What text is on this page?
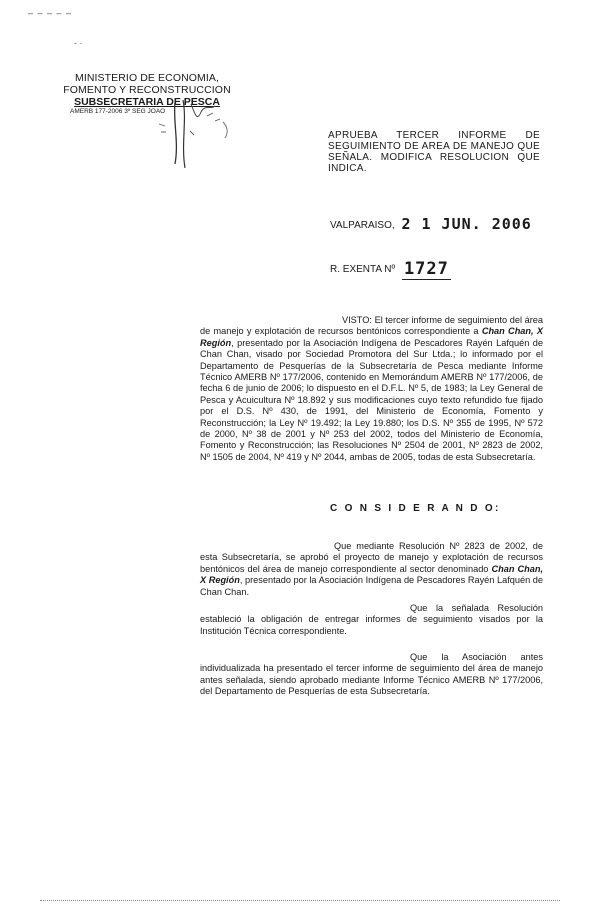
‒ ‒ ‒ ‒ ‒
‐ ·
MINISTERIO DE ECONOMIA,
FOMENTO Y RECONSTRUCCION
SUBSECRETARIA DE PESCA
AMERB 177-2006 3º SEG JOAO
APRUEBA TERCER INFORME DE SEGUIMIENTO DE AREA DE MANEJO QUE SEÑALA. MODIFICA RESOLUCION QUE INDICA.
VALPARAISO, 2 1 JUN. 2006
R. EXENTA Nº 1727
VISTO: El tercer informe de seguimiento del área de manejo y explotación de recursos bentónicos correspondiente a Chan Chan, X Región, presentado por la Asociación Indígena de Pescadores Rayén Lafquén de Chan Chan, visado por Sociedad Promotora del Sur Ltda.; lo informado por el Departamento de Pesquerías de la Subsecretaría de Pesca mediante Informe Técnico AMERB Nº 177/2006, contenido en Memorándum AMERB Nº 177/2006, de fecha 6 de junio de 2006; lo dispuesto en el D.F.L. Nº 5, de 1983; la Ley General de Pesca y Acuicultura Nº 18.892 y sus modificaciones cuyo texto refundido fue fijado por el D.S. Nº 430, de 1991, del Ministerio de Economía, Fomento y Reconstrucción; la Ley Nº 19.492; la Ley 19.880; los D.S. Nº 355 de 1995, Nº 572 de 2000, Nº 38 de 2001 y Nº 253 del 2002, todos del Ministerio de Economía, Fomento y Reconstrucción; las Resoluciones Nº 2504 de 2001, Nº 2823 de 2002, Nº 1505 de 2004, Nº 419 y Nº 2044, ambas de 2005, todas de esta Subsecretaría.
C O N S I D E R A N D O:
Que mediante Resolución Nº 2823 de 2002, de esta Subsecretaría, se aprobó el proyecto de manejo y explotación de recursos bentónicos del área de manejo correspondiente al sector denominado Chan Chan, X Región, presentado por la Asociación Indígena de Pescadores Rayén Lafquén de Chan Chan.
Que la señalada Resolución estableció la obligación de entregar informes de seguimiento visados por la Institución Técnica correspondiente.
Que la Asociación antes individualizada ha presentado el tercer informe de seguimiento del área de manejo antes señalada, siendo aprobado mediante Informe Técnico AMERB Nº 177/2006, del Departamento de Pesquerías de esta Subsecretaría.
